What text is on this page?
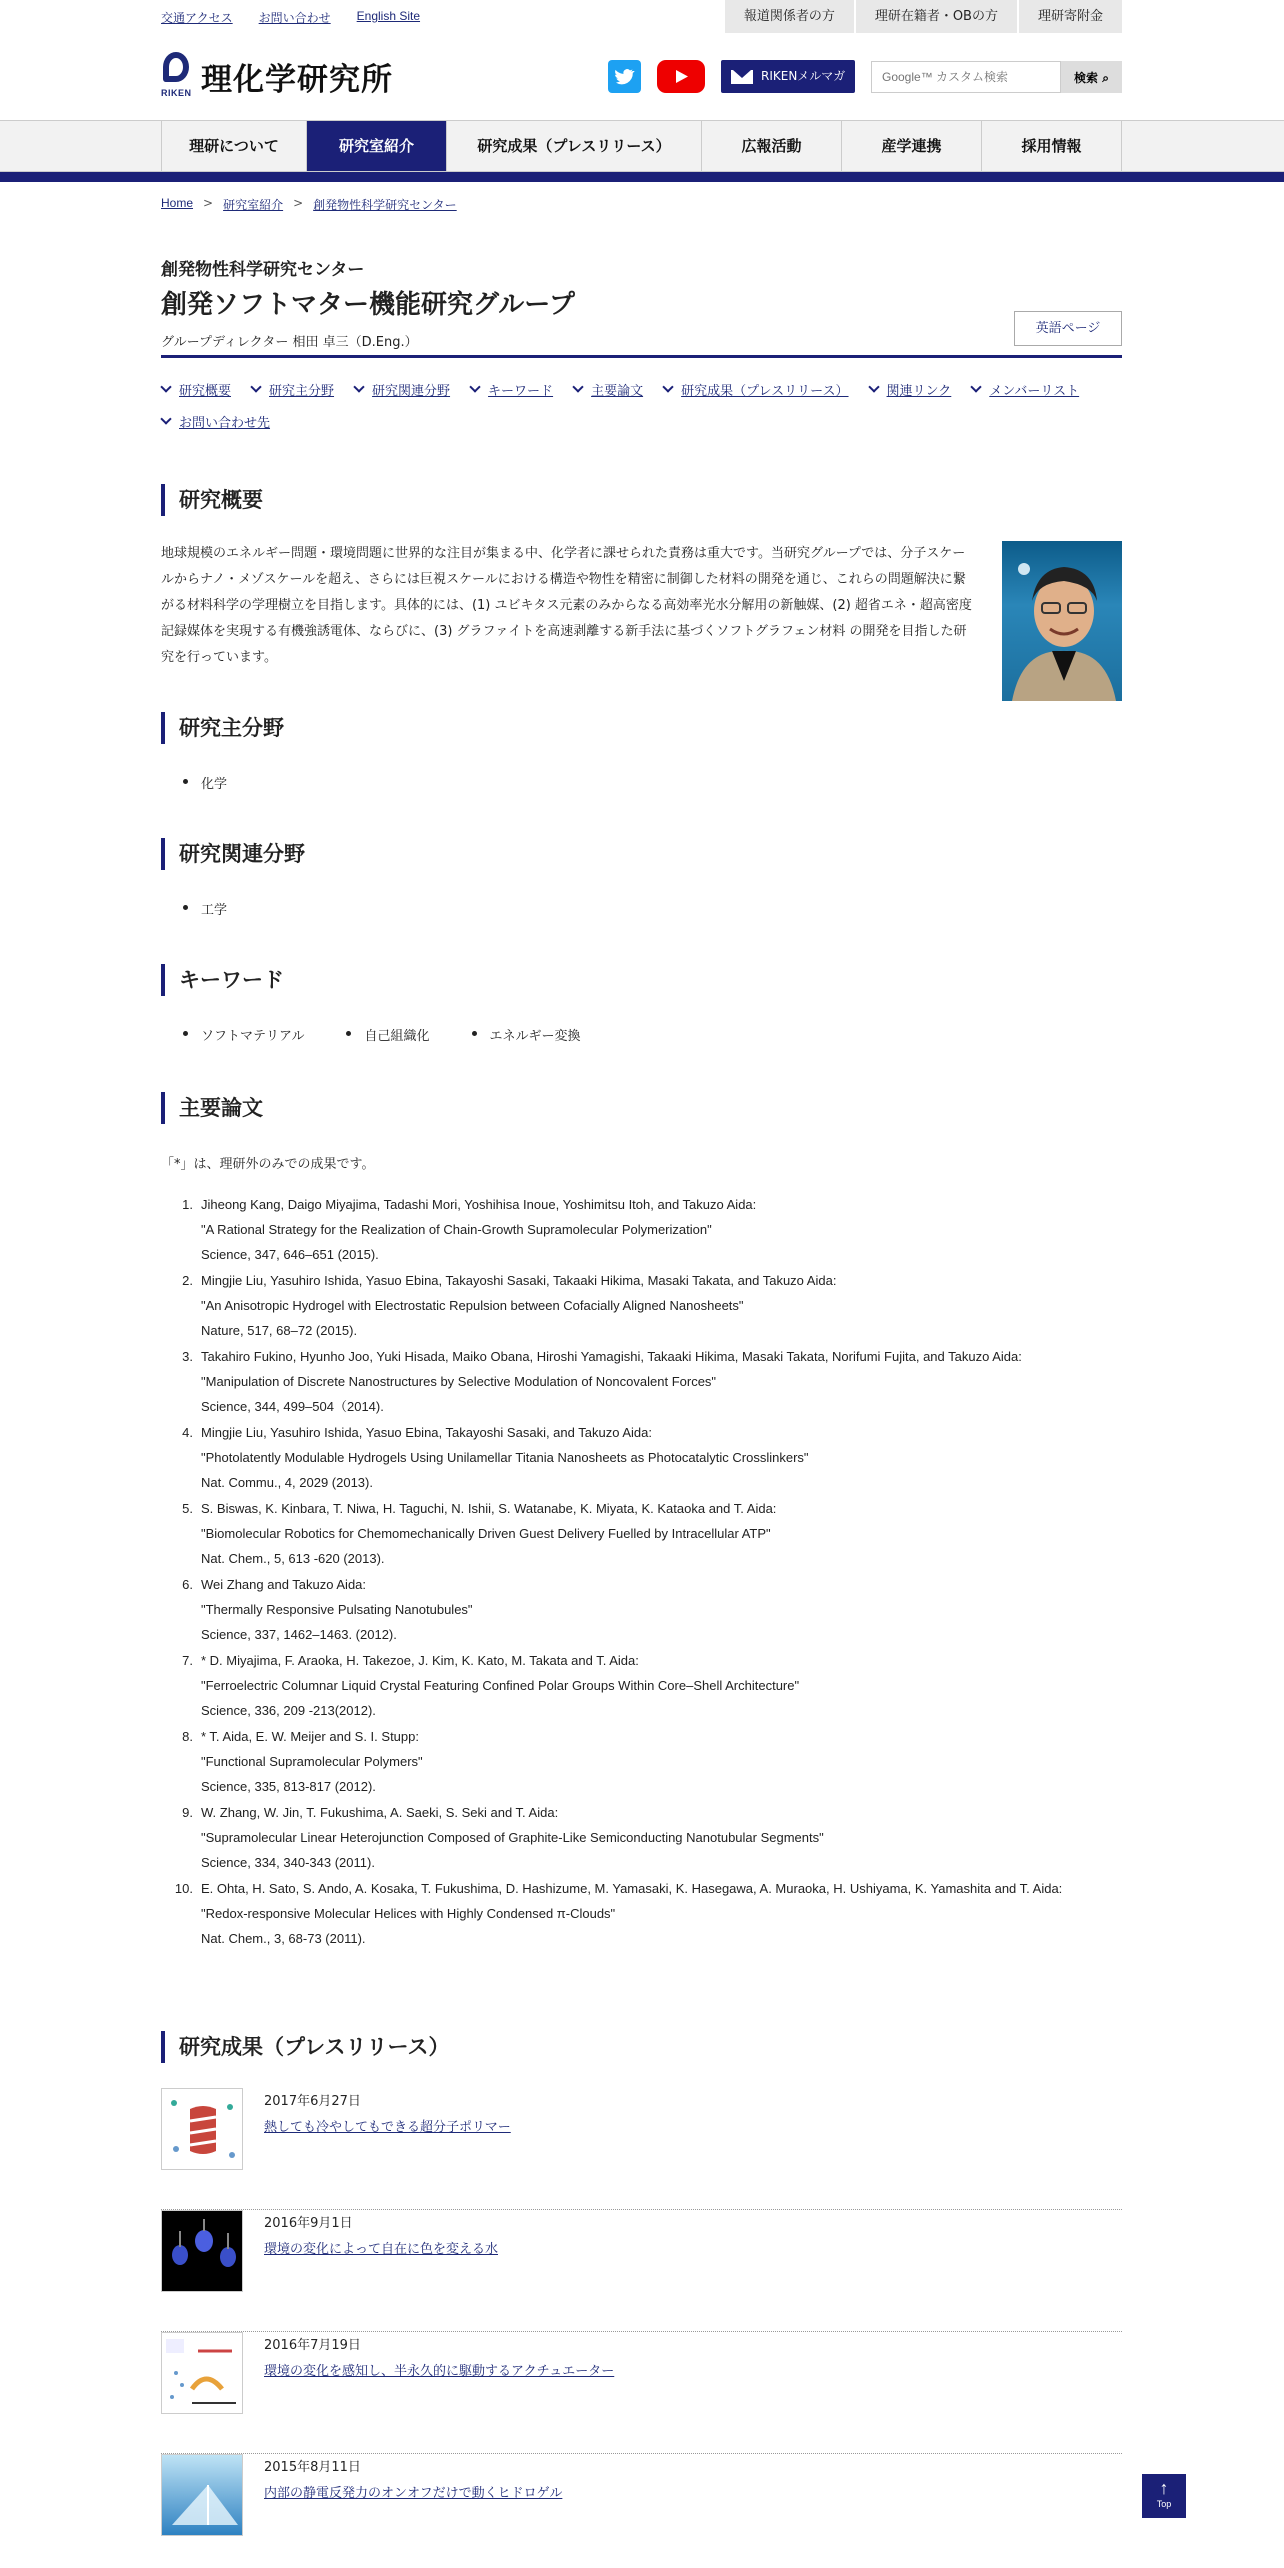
交通アクセス お問い合わせ English Site	報道関係者の方	理研在籍者・OBの方	理研寄附金
RIKEN 理化学研究所	RIKENメルマガ
Google™ カスタム検索	検索 ⌕
理研について	研究室紹介	研究成果（プレスリリース）	広報活動	産学連携	採用情報
Home > 研究室紹介 > 創発物性科学研究センター
創発物性科学研究センター
創発ソフトマター機能研究グループ
グループディレクター 相田 卓三（D.Eng.）
英語ページ
研究概要	研究主分野	研究関連分野	キーワード	主要論文	研究成果（プレスリリース）	関連リンク	メンバーリスト
お問い合わせ先
研究概要
地球規模のエネルギー問題・環境問題に世界的な注目が集まる中、化学者に課せられた責務は重大です。当研究グループでは、分子スケールからナノ・メゾスケールを超え、さらには巨視スケールにおける構造や物性を精密に制御した材料の開発を通じ、これらの問題解決に繋がる材料科学の学理樹立を目指します。具体的には、(1) ユビキタス元素のみからなる高効率光水分解用の新触媒、(2) 超省エネ・超高密度記録媒体を実現する有機強誘電体、ならびに、(3) グラファイトを高速剥離する新手法に基づくソフトグラフェン材料 の開発を目指した研究を行っています。
研究主分野
化学
研究関連分野
工学
キーワード
ソフトマテリアル	自己組織化	エネルギー変換
主要論文
「*」は、理研外のみでの成果です。
1. Jiheong Kang, Daigo Miyajima, Tadashi Mori, Yoshihisa Inoue, Yoshimitsu Itoh, and Takuzo Aida:
"A Rational Strategy for the Realization of Chain-Growth Supramolecular Polymerization"
Science, 347, 646–651 (2015).
2. Mingjie Liu, Yasuhiro Ishida, Yasuo Ebina, Takayoshi Sasaki, Takaaki Hikima, Masaki Takata, and Takuzo Aida:
"An Anisotropic Hydrogel with Electrostatic Repulsion between Cofacially Aligned Nanosheets"
Nature, 517, 68–72 (2015).
3. Takahiro Fukino, Hyunho Joo, Yuki Hisada, Maiko Obana, Hiroshi Yamagishi, Takaaki Hikima, Masaki Takata, Norifumi Fujita, and Takuzo Aida:
"Manipulation of Discrete Nanostructures by Selective Modulation of Noncovalent Forces"
Science, 344, 499–504（2014).
4. Mingjie Liu, Yasuhiro Ishida, Yasuo Ebina, Takayoshi Sasaki, and Takuzo Aida:
"Photolatently Modulable Hydrogels Using Unilamellar Titania Nanosheets as Photocatalytic Crosslinkers"
Nat. Commu., 4, 2029 (2013).
5. S. Biswas, K. Kinbara, T. Niwa, H. Taguchi, N. Ishii, S. Watanabe, K. Miyata, K. Kataoka and T. Aida:
"Biomolecular Robotics for Chemomechanically Driven Guest Delivery Fuelled by Intracellular ATP"
Nat. Chem., 5, 613 -620 (2013).
6. Wei Zhang and Takuzo Aida:
"Thermally Responsive Pulsating Nanotubules"
Science, 337, 1462–1463. (2012).
7. * D. Miyajima, F. Araoka, H. Takezoe, J. Kim, K. Kato, M. Takata and T. Aida:
"Ferroelectric Columnar Liquid Crystal Featuring Confined Polar Groups Within Core–Shell Architecture"
Science, 336, 209 -213(2012).
8. * T. Aida, E. W. Meijer and S. I. Stupp:
"Functional Supramolecular Polymers"
Science, 335, 813-817 (2012).
9. W. Zhang, W. Jin, T. Fukushima, A. Saeki, S. Seki and T. Aida:
"Supramolecular Linear Heterojunction Composed of Graphite-Like Semiconducting Nanotubular Segments"
Science, 334, 340-343 (2011).
10. E. Ohta, H. Sato, S. Ando, A. Kosaka, T. Fukushima, D. Hashizume, M. Yamasaki, K. Hasegawa, A. Muraoka, H. Ushiyama, K. Yamashita and T. Aida:
"Redox-responsive Molecular Helices with Highly Condensed π-Clouds"
Nat. Chem., 3, 68-73 (2011).
研究成果（プレスリリース）
2017年6月27日
熱しても冷やしてもできる超分子ポリマー
2016年9月1日
環境の変化によって自在に色を変える水
2016年7月19日
環境の変化を感知し、半永久的に駆動するアクチュエーター
2015年8月11日
内部の静電反発力のオンオフだけで動くヒドロゲル	↑
Top
